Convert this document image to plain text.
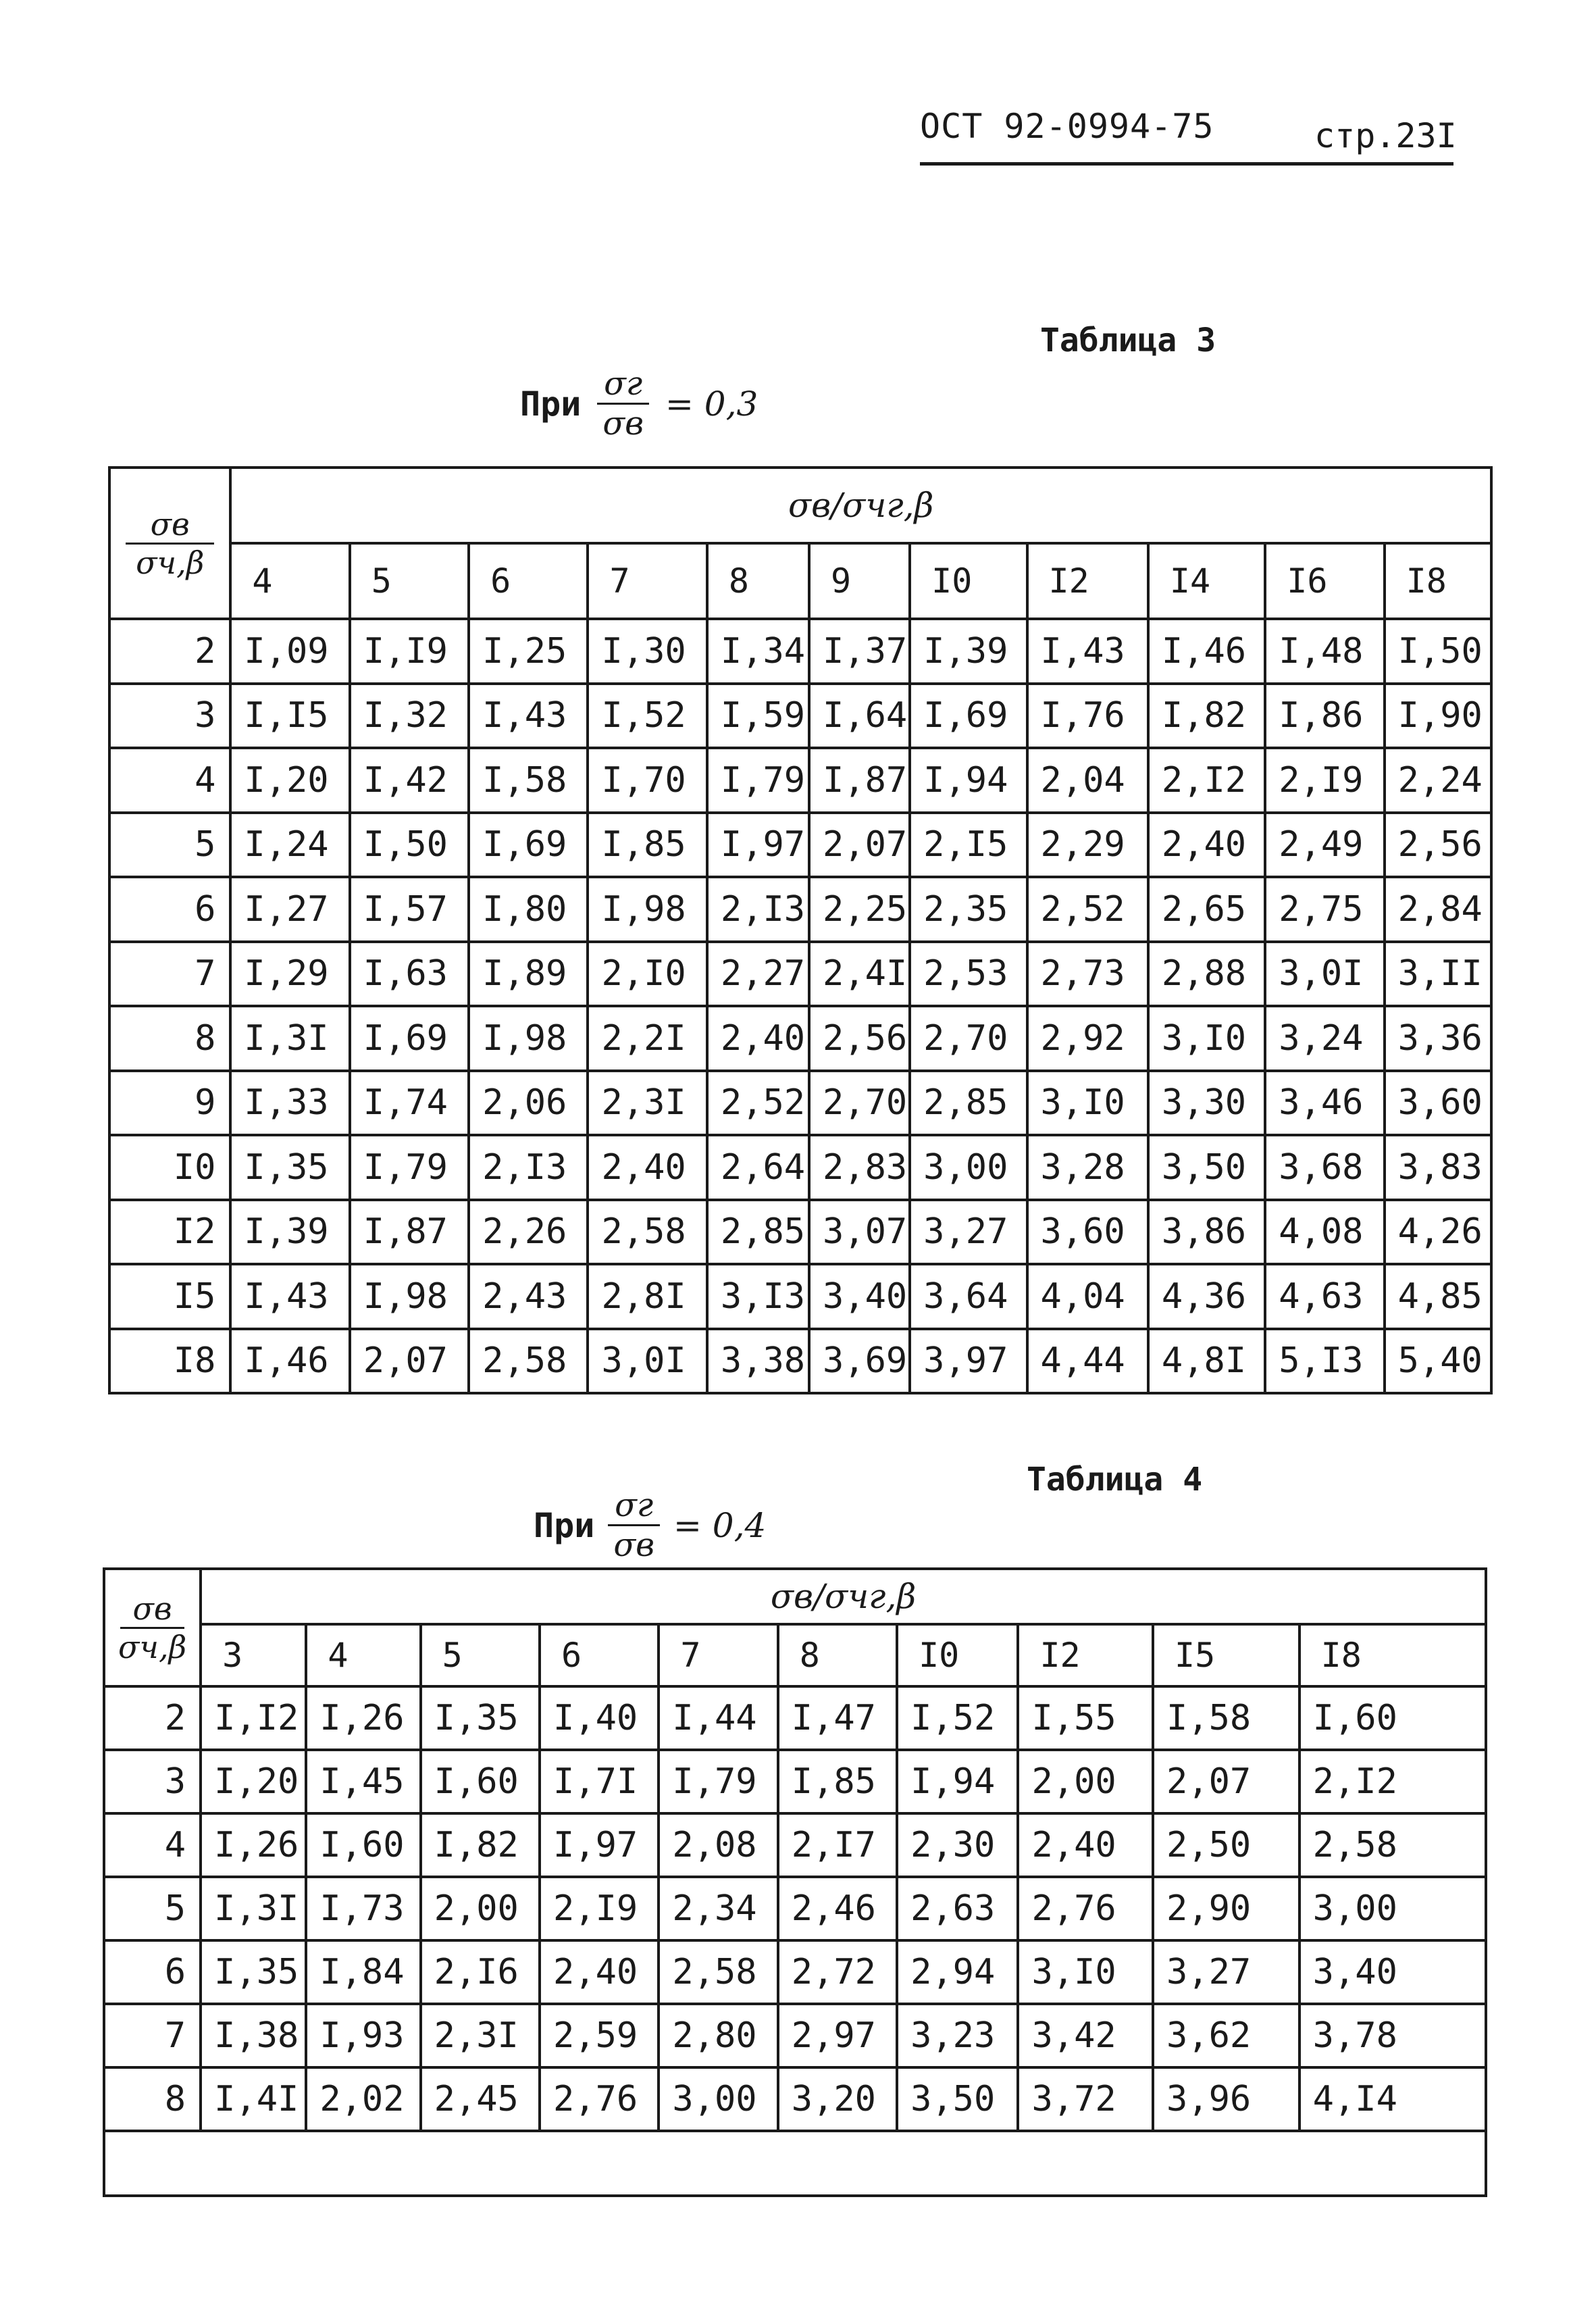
ОСТ 92-0994-75	стр.23I
Таблица 3
При $\frac{\sigma г}{\sigma в} = 0,3$
σв
σч,β	σв/σчг,β										
	4	5	6	7	8	9	I0	I2	I4	I6	I8
2	I,09	I,I9	I,25	I,30	I,34	I,37	I,39	I,43	I,46	I,48	I,50
3	I,I5	I,32	I,43	I,52	I,59	I,64	I,69	I,76	I,82	I,86	I,90
4	I,20	I,42	I,58	I,70	I,79	I,87	I,94	2,04	2,I2	2,I9	2,24
5	I,24	I,50	I,69	I,85	I,97	2,07	2,I5	2,29	2,40	2,49	2,56
6	I,27	I,57	I,80	I,98	2,I3	2,25	2,35	2,52	2,65	2,75	2,84
7	I,29	I,63	I,89	2,I0	2,27	2,4I	2,53	2,73	2,88	3,0I	3,II
8	I,3I	I,69	I,98	2,2I	2,40	2,56	2,70	2,92	3,I0	3,24	3,36
9	I,33	I,74	2,06	2,3I	2,52	2,70	2,85	3,I0	3,30	3,46	3,60
I0	I,35	I,79	2,I3	2,40	2,64	2,83	3,00	3,28	3,50	3,68	3,83
I2	I,39	I,87	2,26	2,58	2,85	3,07	3,27	3,60	3,86	4,08	4,26
I5	I,43	I,98	2,43	2,8I	3,I3	3,40	3,64	4,04	4,36	4,63	4,85
I8	I,46	2,07	2,58	3,0I	3,38	3,69	3,97	4,44	4,8I	5,I3	5,40
Таблица 4
При $\frac{\sigma г}{\sigma в} = 0,4$
σв
σч,β	σв/σчг,β									
	3	4	5	6	7	8	I0	I2	I5	I8
2	I,I2	I,26	I,35	I,40	I,44	I,47	I,52	I,55	I,58	I,60
3	I,20	I,45	I,60	I,7I	I,79	I,85	I,94	2,00	2,07	2,I2
4	I,26	I,60	I,82	I,97	2,08	2,I7	2,30	2,40	2,50	2,58
5	I,3I	I,73	2,00	2,I9	2,34	2,46	2,63	2,76	2,90	3,00
6	I,35	I,84	2,I6	2,40	2,58	2,72	2,94	3,I0	3,27	3,40
7	I,38	I,93	2,3I	2,59	2,80	2,97	3,23	3,42	3,62	3,78
8	I,4I	2,02	2,45	2,76	3,00	3,20	3,50	3,72	3,96	4,I4
